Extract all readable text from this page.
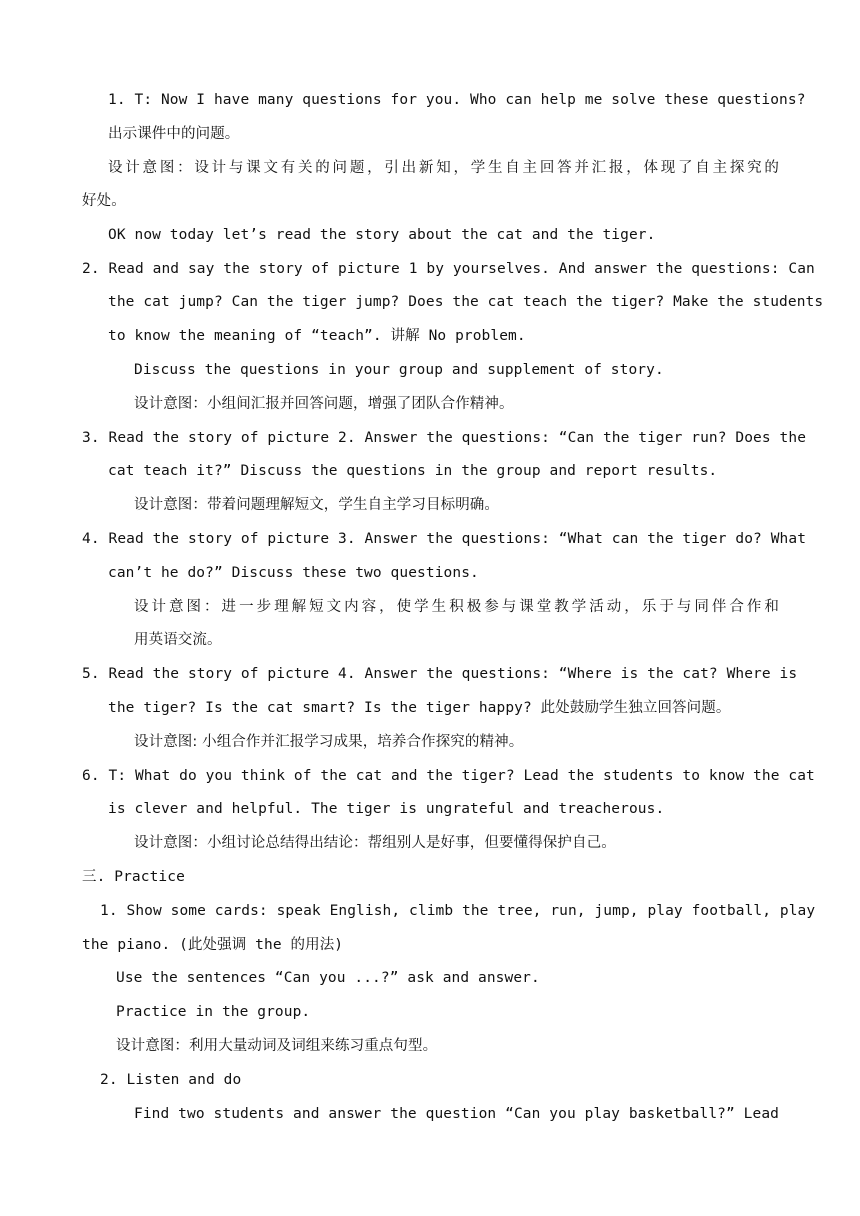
1. T: Now I have many questions for you. Who can help me solve these questions?
出示课件中的问题。
设计意图：设计与课文有关的问题，引出新知，学生自主回答并汇报，体现了自主探究的
好处。
OK now today let’s read the story about the cat and the tiger.
2. Read and say the story of picture 1 by yourselves. And answer the questions: Can
the cat jump? Can the tiger jump? Does the cat teach the tiger? Make the students
to know the meaning of “teach”. 讲解 No problem.
Discuss the questions in your group and supplement of story.
设计意图：小组间汇报并回答问题，增强了团队合作精神。
3. Read the story of picture 2. Answer the questions: “Can the tiger run? Does the
cat teach it?” Discuss the questions in the group and report results.
设计意图：带着问题理解短文，学生自主学习目标明确。
4. Read the story of picture 3. Answer the questions: “What can the tiger do? What
can’t he do?” Discuss these two questions.
设计意图：进一步理解短文内容，使学生积极参与课堂教学活动，乐于与同伴合作和
用英语交流。
5. Read the story of picture 4. Answer the questions: “Where is the cat? Where is
the tiger? Is the cat smart? Is the tiger happy? 此处鼓励学生独立回答问题。
设计意图: 小组合作并汇报学习成果，培养合作探究的精神。
6. T: What do you think of the cat and the tiger? Lead the students to know the cat
is clever and helpful. The tiger is ungrateful and treacherous.
设计意图：小组讨论总结得出结论：帮组别人是好事，但要懂得保护自己。
三. Practice
1. Show some cards: speak English, climb the tree, run, jump, play football, play
the piano. (此处强调 the 的用法)
Use the sentences “Can you ...?” ask and answer.
Practice in the group.
设计意图：利用大量动词及词组来练习重点句型。
2. Listen and do
Find two students and answer the question “Can you play basketball?” Lead
